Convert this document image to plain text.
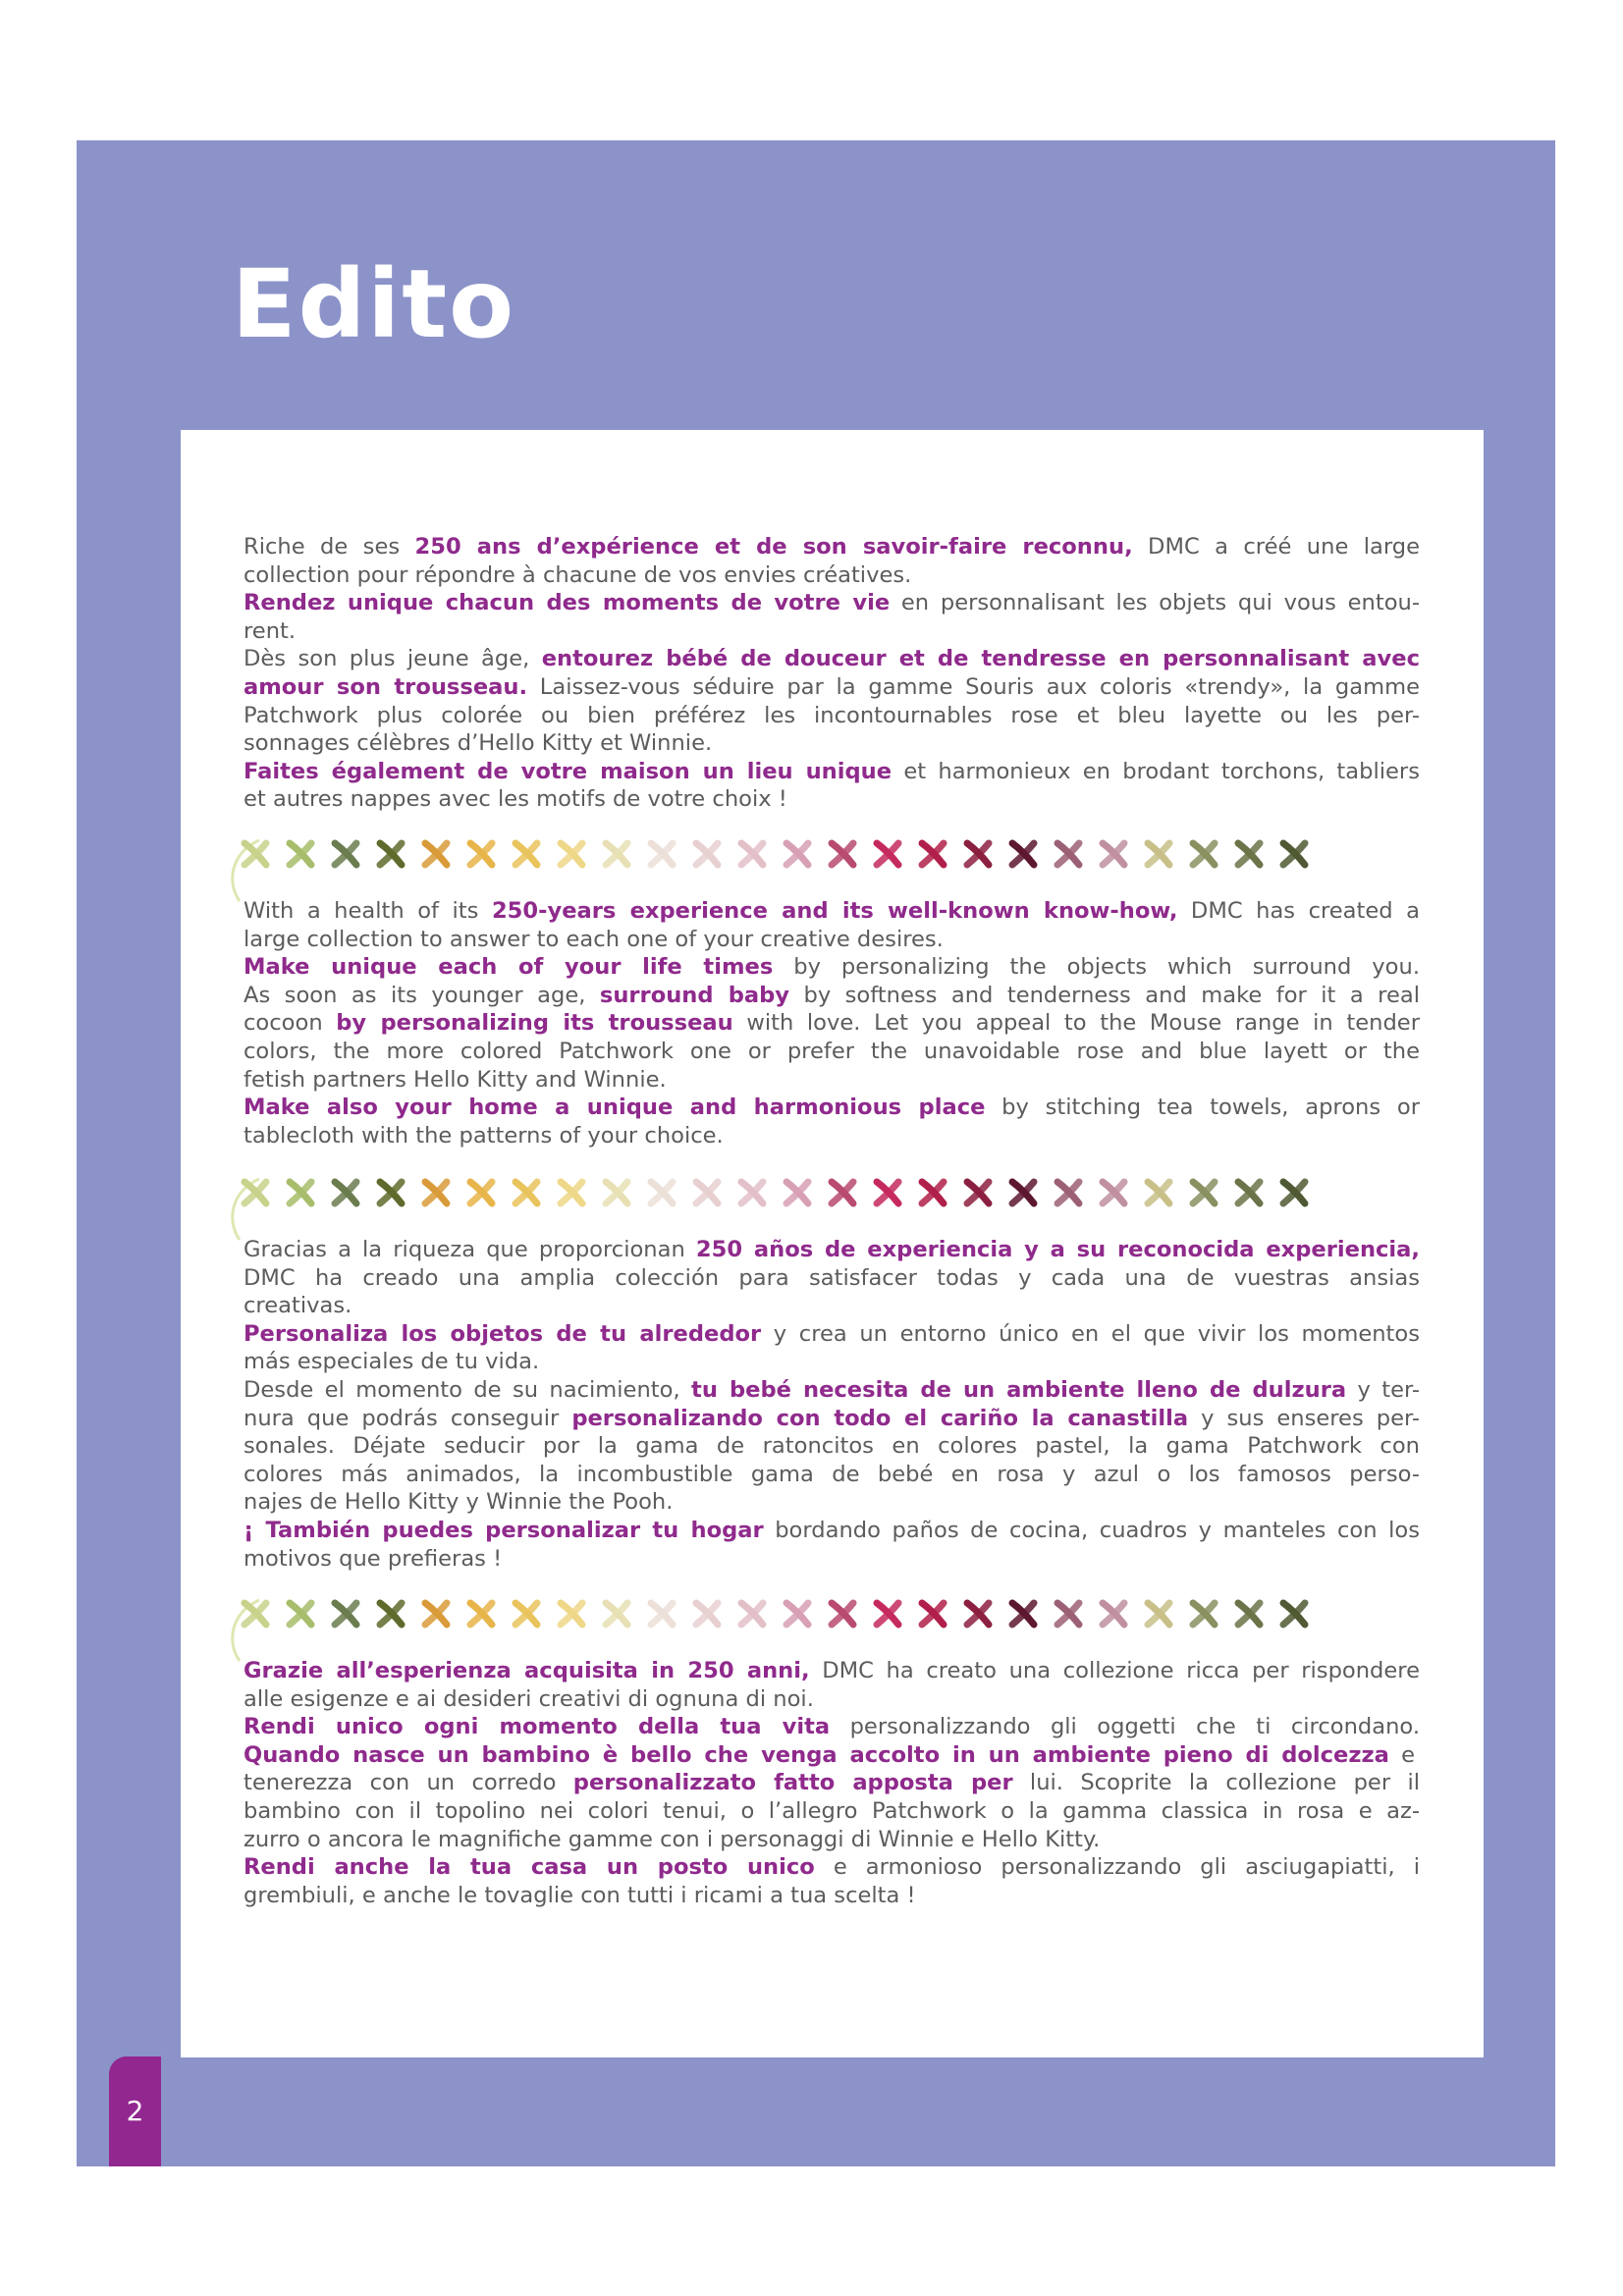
Edito
Riche de ses 250 ans d’expérience et de son savoir-faire reconnu, DMC a créé une large
collection pour répondre à chacune de vos envies créatives.
Rendez unique chacun des moments de votre vie en personnalisant les objets qui vous entou-
rent.
Dès son plus jeune âge, entourez bébé de douceur et de tendresse en personnalisant avec
amour son trousseau. Laissez-vous séduire par la gamme Souris aux coloris «trendy», la gamme
Patchwork plus colorée ou bien préférez les incontournables rose et bleu layette ou les per-
sonnages célèbres d’Hello Kitty et Winnie.
Faites également de votre maison un lieu unique et harmonieux en brodant torchons, tabliers
et autres nappes avec les motifs de votre choix !
With a health of its 250-years experience and its well-known know-how, DMC has created a
large collection to answer to each one of your creative desires.
Make unique each of your life times by personalizing the objects which surround you.
As soon as its younger age, surround baby by softness and tenderness and make for it a real
cocoon by personalizing its trousseau with love. Let you appeal to the Mouse range in tender
colors, the more colored Patchwork one or prefer the unavoidable rose and blue layett or the
fetish partners Hello Kitty and Winnie.
Make also your home a unique and harmonious place by stitching tea towels, aprons or
tablecloth with the patterns of your choice.
Gracias a la riqueza que proporcionan 250 años de experiencia y a su reconocida experiencia,
DMC ha creado una amplia colección para satisfacer todas y cada una de vuestras ansias
creativas.
Personaliza los objetos de tu alrededor y crea un entorno único en el que vivir los momentos
más especiales de tu vida.
Desde el momento de su nacimiento, tu bebé necesita de un ambiente lleno de dulzura y ter-
nura que podrás conseguir personalizando con todo el cariño la canastilla y sus enseres per-
sonales. Déjate seducir por la gama de ratoncitos en colores pastel, la gama Patchwork con
colores más animados, la incombustible gama de bebé en rosa y azul o los famosos perso-
najes de Hello Kitty y Winnie the Pooh.
¡ También puedes personalizar tu hogar bordando paños de cocina, cuadros y manteles con los
motivos que prefieras !
Grazie all’esperienza acquisita in 250 anni, DMC ha creato una collezione ricca per rispondere
alle esigenze e ai desideri creativi di ognuna di noi.
Rendi unico ogni momento della tua vita personalizzando gli oggetti che ti circondano.
Quando nasce un bambino è bello che venga accolto in un ambiente pieno di dolcezza e
tenerezza con un corredo personalizzato fatto apposta per lui. Scoprite la collezione per il
bambino con il topolino nei colori tenui, o l’allegro Patchwork o la gamma classica in rosa e az-
zurro o ancora le magnifiche gamme con i personaggi di Winnie e Hello Kitty.
Rendi anche la tua casa un posto unico e armonioso personalizzando gli asciugapiatti, i
grembiuli, e anche le tovaglie con tutti i ricami a tua scelta !
2
